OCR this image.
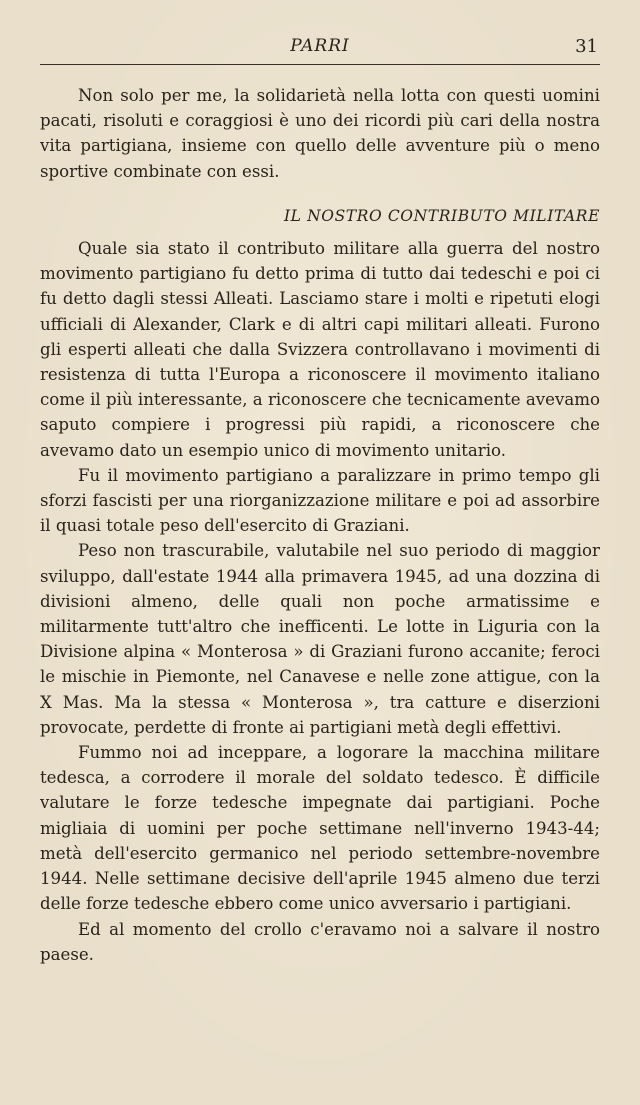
PARRI	31

Non solo per me, la solidarietà nella lotta con questi uomini pacati, risoluti e coraggiosi è uno dei ricordi più cari della nostra vita partigiana, insieme con quello delle avventure più o meno sportive combinate con essi.

IL NOSTRO CONTRIBUTO MILITARE

Quale sia stato il contributo militare alla guerra del nostro movimento partigiano fu detto prima di tutto dai tedeschi e poi ci fu detto dagli stessi Alleati. Lasciamo stare i molti e ripetuti elogi ufficiali di Alexander, Clark e di altri capi militari alleati. Furono gli esperti alleati che dalla Svizzera controllavano i movimenti di resistenza di tutta l'Europa a riconoscere il movimento italiano come il più interessante, a riconoscere che tecnicamente avevamo saputo compiere i progressi più rapidi, a riconoscere che avevamo dato un esempio unico di movimento unitario.

Fu il movimento partigiano a paralizzare in primo tempo gli sforzi fascisti per una riorganizzazione militare e poi ad assorbire il quasi totale peso dell'esercito di Graziani.

Peso non trascurabile, valutabile nel suo periodo di maggior sviluppo, dall'estate 1944 alla primavera 1945, ad una dozzina di divisioni almeno, delle quali non poche armatissime e militarmente tutt'altro che inefficenti. Le lotte in Liguria con la Divisione alpina « Monterosa » di Graziani furono accanite; feroci le mischie in Piemonte, nel Canavese e nelle zone attigue, con la X Mas. Ma la stessa « Monterosa », tra catture e diserzioni provocate, perdette di fronte ai partigiani metà degli effettivi.

Fummo noi ad inceppare, a logorare la macchina militare tedesca, a corrodere il morale del soldato tedesco. È difficile valutare le forze tedesche impegnate dai partigiani. Poche migliaia di uomini per poche settimane nell'inverno 1943-44; metà dell'esercito germanico nel periodo settembre-novembre 1944. Nelle settimane decisive dell'aprile 1945 almeno due terzi delle forze tedesche ebbero come unico avversario i partigiani.

Ed al momento del crollo c'eravamo noi a salvare il nostro paese.
